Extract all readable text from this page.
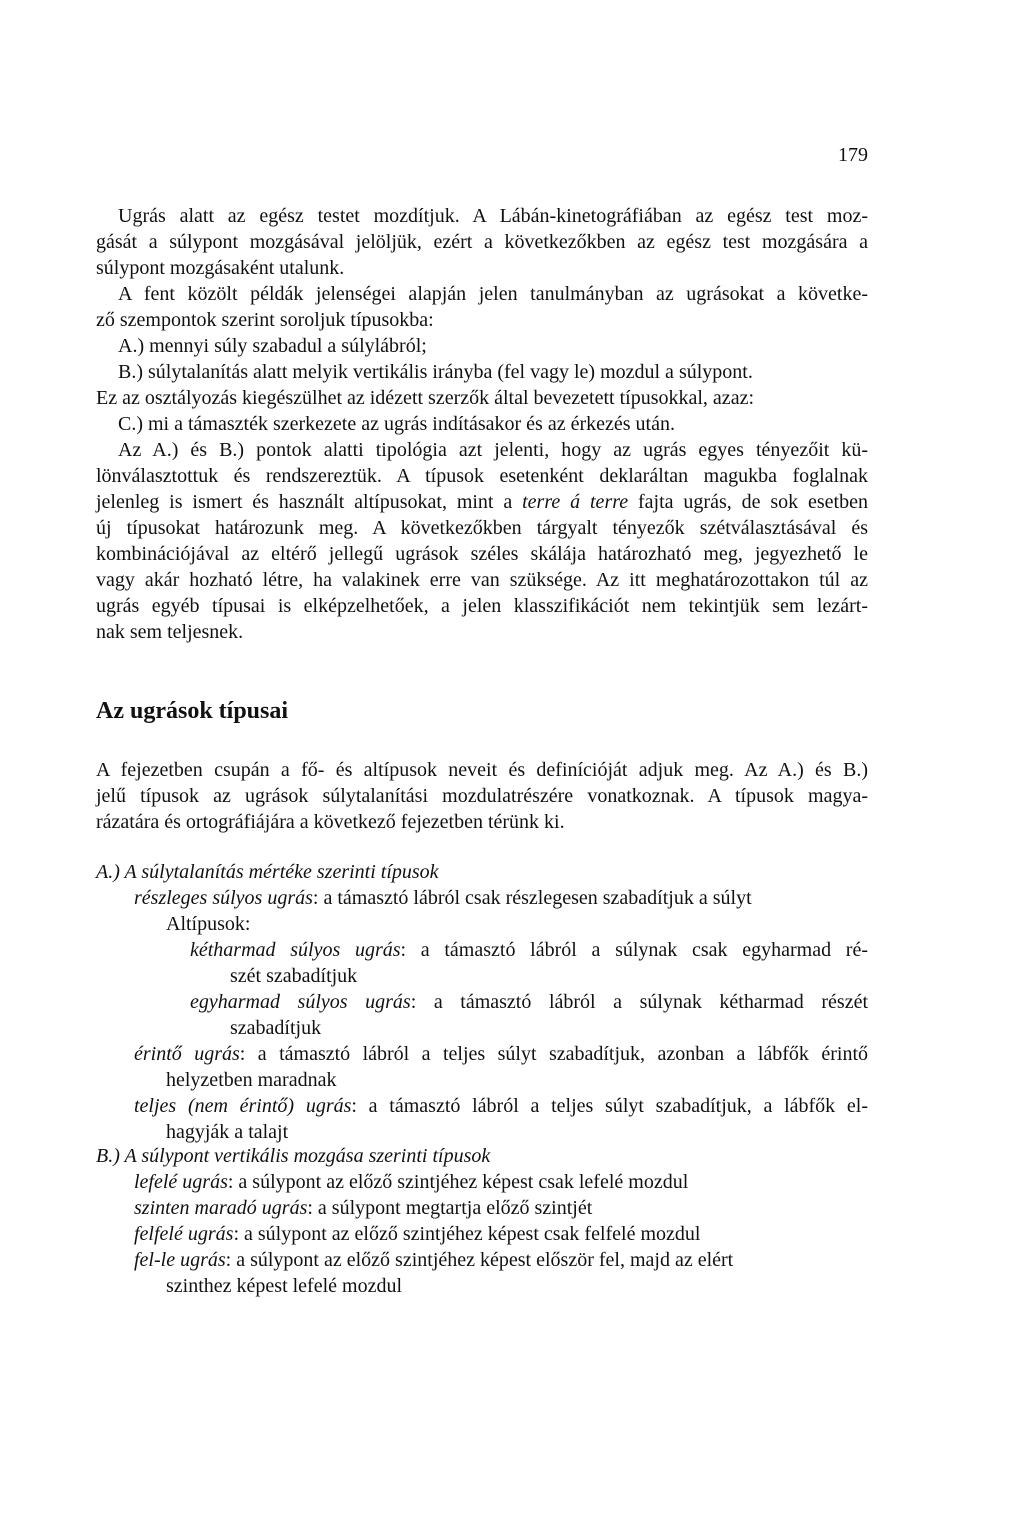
179
Ugrás alatt az egész testet mozdítjuk. A Lábán-kinetográfiában az egész test moz-
gását a súlypont mozgásával jelöljük, ezért a következőkben az egész test mozgására a
súlypont mozgásaként utalunk.
A fent közölt példák jelenségei alapján jelen tanulmányban az ugrásokat a követke-
ző szempontok szerint soroljuk típusokba:
A.) mennyi súly szabadul a súlylábról;
B.) súlytalanítás alatt melyik vertikális irányba (fel vagy le) mozdul a súlypont.
Ez az osztályozás kiegészülhet az idézett szerzők által bevezetett típusokkal, azaz:
C.) mi a támaszték szerkezete az ugrás indításakor és az érkezés után.
Az A.) és B.) pontok alatti tipológia azt jelenti, hogy az ugrás egyes tényezőit kü-
lönválasztottuk és rendszereztük. A típusok esetenként deklaráltan magukba foglalnak
jelenleg is ismert és használt altípusokat, mint a terre á terre fajta ugrás, de sok esetben
új típusokat határozunk meg. A következőkben tárgyalt tényezők szétválasztásával és
kombinációjával az eltérő jellegű ugrások széles skálája határozható meg, jegyezhető le
vagy akár hozható létre, ha valakinek erre van szüksége. Az itt meghatározottakon túl az
ugrás egyéb típusai is elképzelhetőek, a jelen klasszifikációt nem tekintjük sem lezárt-
nak sem teljesnek.
Az ugrások típusai
A fejezetben csupán a fő- és altípusok neveit és definícióját adjuk meg. Az A.) és B.)
jelű típusok az ugrások súlytalanítási mozdulatrészére vonatkoznak. A típusok magya-
rázatára és ortográfiájára a következő fejezetben térünk ki.
A.) A súlytalanítás mértéke szerinti típusok
részleges súlyos ugrás: a támasztó lábról csak részlegesen szabadítjuk a súlyt
Altípusok:
kétharmad súlyos ugrás: a támasztó lábról a súlynak csak egyharmad ré-
szét szabadítjuk
egyharmad súlyos ugrás: a támasztó lábról a súlynak kétharmad részét
szabadítjuk
érintő ugrás: a támasztó lábról a teljes súlyt szabadítjuk, azonban a lábfők érintő
helyzetben maradnak
teljes (nem érintő) ugrás: a támasztó lábról a teljes súlyt szabadítjuk, a lábfők el-
hagyják a talajt
B.) A súlypont vertikális mozgása szerinti típusok
lefelé ugrás: a súlypont az előző szintjéhez képest csak lefelé mozdul
szinten maradó ugrás: a súlypont megtartja előző szintjét
felfelé ugrás: a súlypont az előző szintjéhez képest csak felfelé mozdul
fel-le ugrás: a súlypont az előző szintjéhez képest először fel, majd az elért
szinthez képest lefelé mozdul
